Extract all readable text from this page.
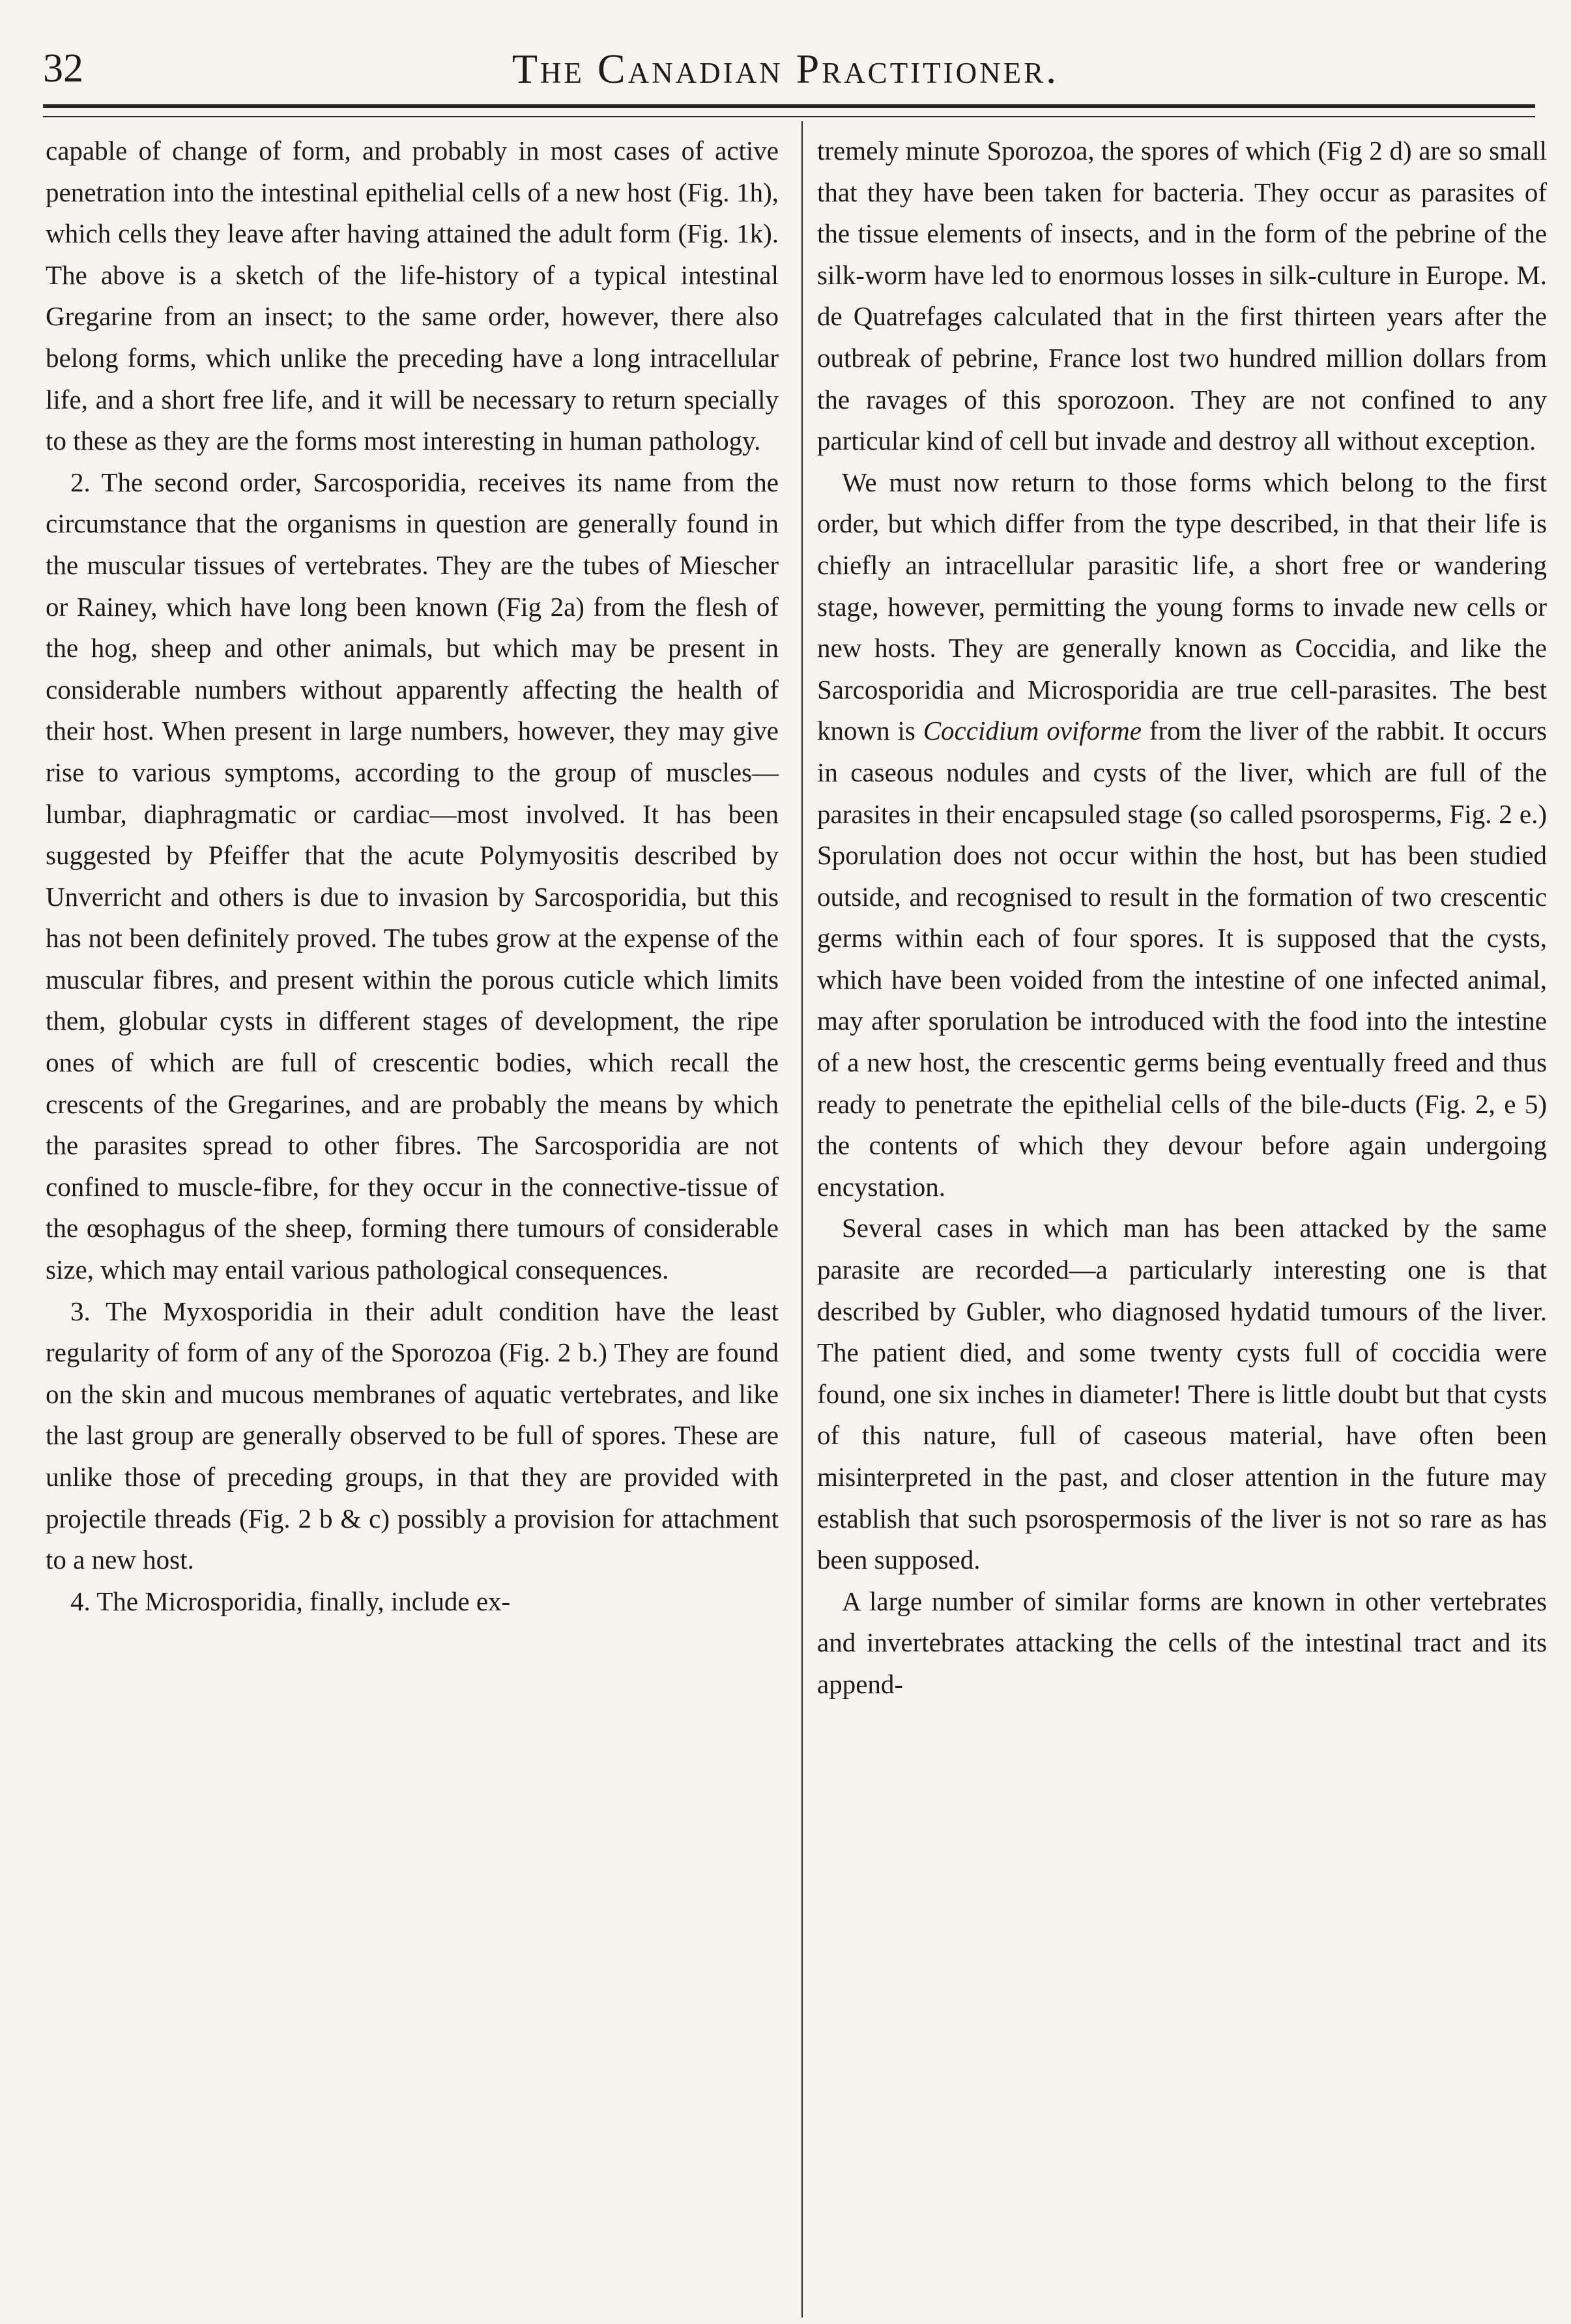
32	The Canadian Practitioner.

capable of change of form, and probably in most cases of active penetration into the intestinal epithelial cells of a new host (Fig. 1h), which cells they leave after having attained the adult form (Fig. 1k). The above is a sketch of the life-history of a typical intestinal Gregarine from an insect; to the same order, however, there also belong forms, which unlike the preceding have a long intracellular life, and a short free life, and it will be necessary to return specially to these as they are the forms most interesting in human pathology.

2. The second order, Sarcosporidia, receives its name from the circumstance that the organisms in question are generally found in the muscular tissues of vertebrates. They are the tubes of Miescher or Rainey, which have long been known (Fig 2a) from the flesh of the hog, sheep and other animals, but which may be present in considerable numbers without apparently affecting the health of their host. When present in large numbers, however, they may give rise to various symptoms, according to the group of muscles—lumbar, diaphragmatic or cardiac—most involved. It has been suggested by Pfeiffer that the acute Polymyositis described by Unverricht and others is due to invasion by Sarcosporidia, but this has not been definitely proved. The tubes grow at the expense of the muscular fibres, and present within the porous cuticle which limits them, globular cysts in different stages of development, the ripe ones of which are full of crescentic bodies, which recall the crescents of the Gregarines, and are probably the means by which the parasites spread to other fibres. The Sarcosporidia are not confined to muscle-fibre, for they occur in the connective-tissue of the œsophagus of the sheep, forming there tumours of considerable size, which may entail various pathological consequences.

3. The Myxosporidia in their adult condition have the least regularity of form of any of the Sporozoa (Fig. 2 b.) They are found on the skin and mucous membranes of aquatic vertebrates, and like the last group are generally observed to be full of spores. These are unlike those of preceding groups, in that they are provided with projectile threads (Fig. 2 b & c) possibly a provision for attachment to a new host.

4. The Microsporidia, finally, include ex-

tremely minute Sporozoa, the spores of which (Fig 2 d) are so small that they have been taken for bacteria. They occur as parasites of the tissue elements of insects, and in the form of the pebrine of the silk-worm have led to enormous losses in silk-culture in Europe. M. de Quatrefages calculated that in the first thirteen years after the outbreak of pebrine, France lost two hundred million dollars from the ravages of this sporozoon. They are not confined to any particular kind of cell but invade and destroy all without exception.

We must now return to those forms which belong to the first order, but which differ from the type described, in that their life is chiefly an intracellular parasitic life, a short free or wandering stage, however, permitting the young forms to invade new cells or new hosts. They are generally known as Coccidia, and like the Sarcosporidia and Microsporidia are true cell-parasites. The best known is Coccidium oviforme from the liver of the rabbit. It occurs in caseous nodules and cysts of the liver, which are full of the parasites in their encapsuled stage (so called psorosperms, Fig. 2 e.) Sporulation does not occur within the host, but has been studied outside, and recognised to result in the formation of two crescentic germs within each of four spores. It is supposed that the cysts, which have been voided from the intestine of one infected animal, may after sporulation be introduced with the food into the intestine of a new host, the crescentic germs being eventually freed and thus ready to penetrate the epithelial cells of the bile-ducts (Fig. 2, e 5) the contents of which they devour before again undergoing encystation.

Several cases in which man has been attacked by the same parasite are recorded—a particularly interesting one is that described by Gubler, who diagnosed hydatid tumours of the liver. The patient died, and some twenty cysts full of coccidia were found, one six inches in diameter! There is little doubt but that cysts of this nature, full of caseous material, have often been misinterpreted in the past, and closer attention in the future may establish that such psorospermosis of the liver is not so rare as has been supposed.

A large number of similar forms are known in other vertebrates and invertebrates attacking the cells of the intestinal tract and its append-
